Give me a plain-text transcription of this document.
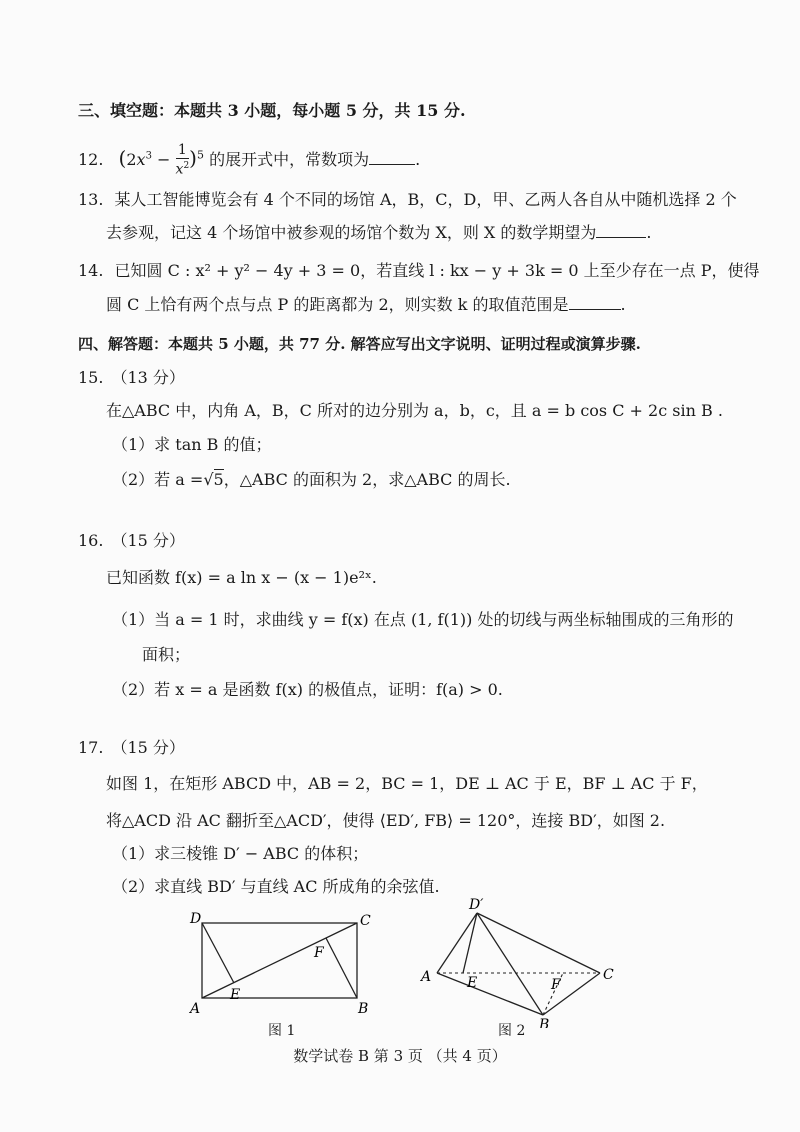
三、填空题：本题共 3 小题，每小题 5 分，共 15 分.
12. $(2x^3 - \frac{1}{x^2} )^5$ 的展开式中，常数项为	.
13. 某人工智能博览会有 4 个不同的场馆 A，B，C，D，甲、乙两人各自从中随机选择 2 个
去参观，记这 4 个场馆中被参观的场馆个数为 X，则 X 的数学期望为	.
14. 已知圆 C : x² + y² − 4y + 3 = 0，若直线 l : kx − y + 3k = 0 上至少存在一点 P，使得
圆 C 上恰有两个点与点 P 的距离都为 2，则实数 k 的取值范围是	.
四、解答题：本题共 5 小题，共 77 分. 解答应写出文字说明、证明过程或演算步骤.
15. （13 分）
在△ABC 中，内角 A，B，C 所对的边分别为 a，b，c，且 a = b cos C + 2c sin B .
（1）求 tan B 的值；
（2）若 a =√5，△ABC 的面积为 2，求△ABC 的周长.
16. （15 分）
已知函数 f(x) = a ln x − (x − 1)e²ˣ.
（1）当 a = 1 时，求曲线 y = f(x) 在点 (1, f(1)) 处的切线与两坐标轴围成的三角形的
面积；
（2）若 x = a 是函数 f(x) 的极值点，证明：f(a) > 0.
17. （15 分）
如图 1，在矩形 ABCD 中，AB = 2，BC = 1，DE ⊥ AC 于 E，BF ⊥ AC 于 F，
将△ACD 沿 AC 翻折至△ACD′，使得 ⟨ED′, FB⟩ = 120°，连接 BD′，如图 2.
（1）求三棱锥 D′ − ABC 的体积；
（2）求直线 BD′ 与直线 AC 所成角的余弦值.
D	C
A	B
E
F
图 1
D′
A	C
B
E	F
图 2
数学试卷 B 第 3 页 （共 4 页）
